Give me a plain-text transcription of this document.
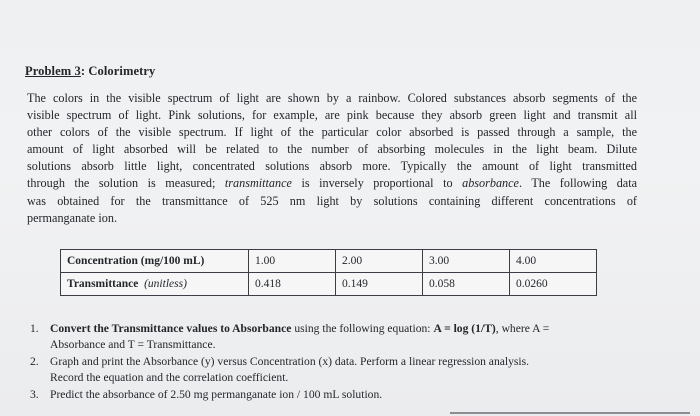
Problem 3: Colorimetry
The colors in the visible spectrum of light are shown by a rainbow. Colored substances absorb segments of the
visible spectrum of light. Pink solutions, for example, are pink because they absorb green light and transmit all
other colors of the visible spectrum. If light of the particular color absorbed is passed through a sample, the
amount of light absorbed will be related to the number of absorbing molecules in the light beam. Dilute
solutions absorb little light, concentrated solutions absorb more. Typically the amount of light transmitted
through the solution is measured; transmittance is inversely proportional to absorbance. The following data
was obtained for the transmittance of 525 nm light by solutions containing different concentrations of
permanganate ion.
Concentration (mg/100 mL)	1.00	2.00	3.00	4.00
Transmittance (unitless)	0.418	0.149	0.058	0.0260
1. Convert the Transmittance values to Absorbance using the following equation: A = log (1/T), where A =
Absorbance and T = Transmittance.
2. Graph and print the Absorbance (y) versus Concentration (x) data. Perform a linear regression analysis.
Record the equation and the correlation coefficient.
3. Predict the absorbance of 2.50 mg permanganate ion / 100 mL solution.
